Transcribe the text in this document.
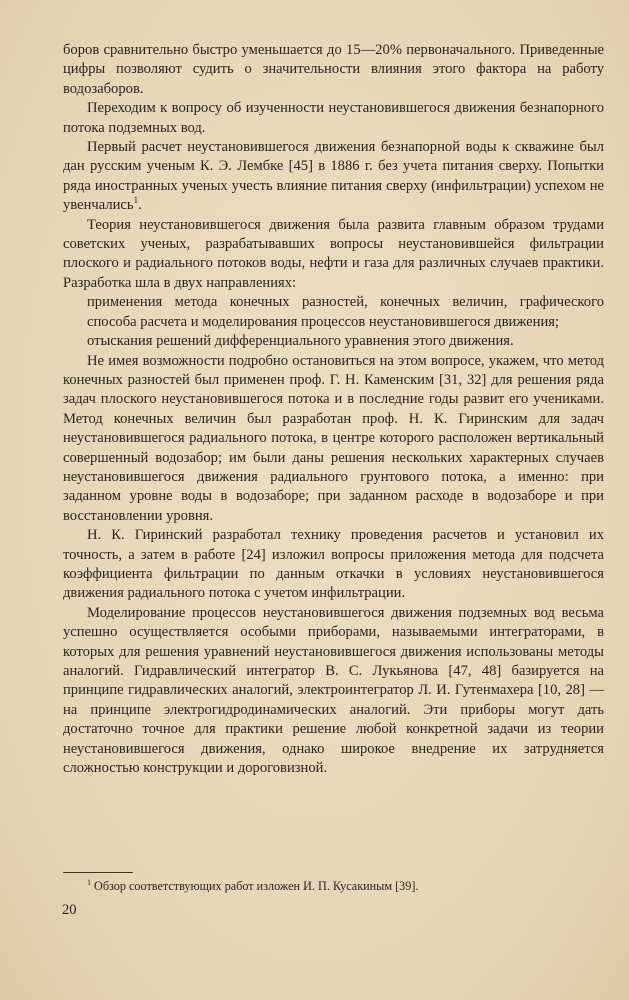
боров сравнительно быстро уменьшается до 15—20% первоначального. Приведенные цифры позволяют судить о значительности влияния этого фактора на работу водозаборов.

Переходим к вопросу об изученности неустановившегося движения безнапорного потока подземных вод.

Первый расчет неустановившегося движения безнапорной воды к скважине был дан русским ученым К. Э. Лембке [45] в 1886 г. без учета питания сверху. Попытки ряда иностранных ученых учесть влияние питания сверху (инфильтрации) успехом не увенчались$^1$.

Теория неустановившегося движения была развита главным образом трудами советских ученых, разрабатывавших вопросы неустановившейся фильтрации плоского и радиального потоков воды, нефти и газа для различных случаев практики. Разработка шла в двух направлениях:

применения метода конечных разностей, конечных величин, графического способа расчета и моделирования процессов неустановившегося движения;

отыскания решений дифференциального уравнения этого движения.

Не имея возможности подробно остановиться на этом вопросе, укажем, что метод конечных разностей был применен проф. Г. Н. Каменским [31, 32] для решения ряда задач плоского неустановившегося потока и в последние годы развит его учениками. Метод конечных величин был разработан проф. Н. К. Гиринским для задач неустановившегося радиального потока, в центре которого расположен вертикальный совершенный водозабор; им были даны решения нескольких характерных случаев неустановившегося движения радиального грунтового потока, а именно: при заданном уровне воды в водозаборе; при заданном расходе в водозаборе и при восстановлении уровня.

Н. К. Гиринский разработал технику проведения расчетов и установил их точность, а затем в работе [24] изложил вопросы приложения метода для подсчета коэффициента фильтрации по данным откачки в условиях неустановившегося движения радиального потока с учетом инфильтрации.

Моделирование процессов неустановившегося движения подземных вод весьма успешно осуществляется особыми приборами, называемыми интеграторами, в которых для решения уравнений неустановившегося движения использованы методы аналогий. Гидравлический интегратор В. С. Лукьянова [47, 48] базируется на принципе гидравлических аналогий, электроинтегратор Л. И. Гутенмахера [10, 28] — на принципе электрогидродинамических аналогий. Эти приборы могут дать достаточно точное для практики решение любой конкретной задачи из теории неустановившегося движения, однако широкое внедрение их затрудняется сложностью конструкции и дороговизной.

$^1$ Обзор соответствующих работ изложен И. П. Кусакиным [39].
20
